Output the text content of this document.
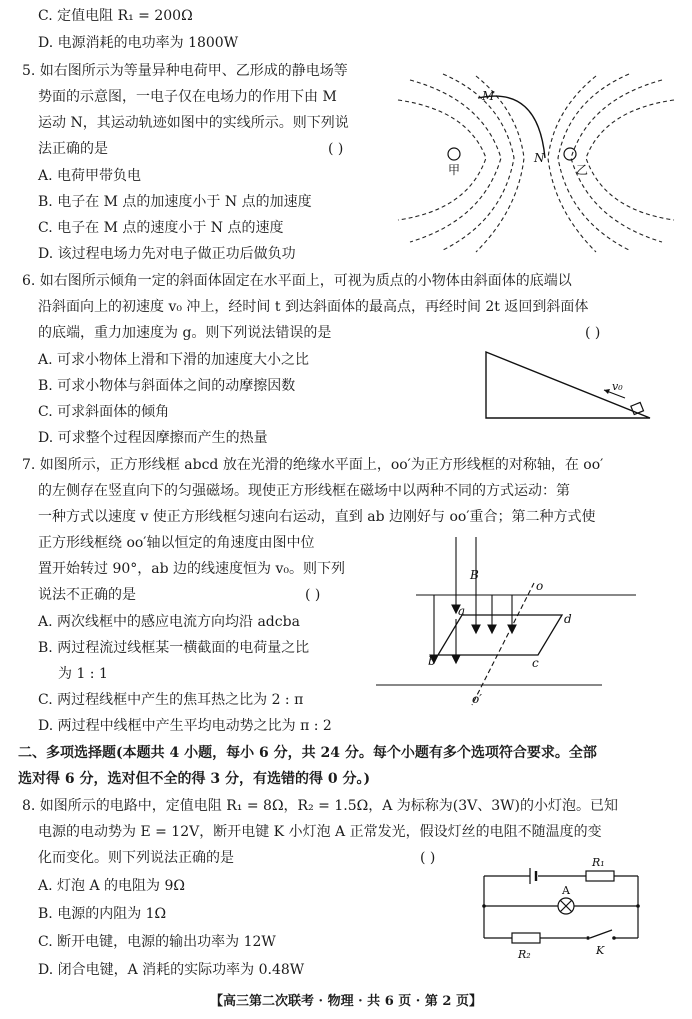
C. 定值电阻 R₁ = 200Ω
D. 电源消耗的电功率为 1800W
5. 如右图所示为等量异种电荷甲、乙形成的静电场等
势面的示意图，一电子仅在电场力的作用下由 M
运动 N，其运动轨迹如图中的实线所示。则下列说
法正确的是	( )
A. 电荷甲带负电
B. 电子在 M 点的加速度小于 N 点的加速度
C. 电子在 M 点的速度小于 N 点的速度
D. 该过程电场力先对电子做正功后做负功
M
N
甲	乙
6. 如右图所示倾角一定的斜面体固定在水平面上，可视为质点的小物体由斜面体的底端以
沿斜面向上的初速度 v₀ 冲上，经时间 t 到达斜面体的最高点，再经时间 2t 返回到斜面体
的底端，重力加速度为 g。则下列说法错误的是	( )
A. 可求小物体上滑和下滑的加速度大小之比
B. 可求小物体与斜面体之间的动摩擦因数
C. 可求斜面体的倾角
D. 可求整个过程因摩擦而产生的热量
v₀
7. 如图所示，正方形线框 abcd 放在光滑的绝缘水平面上，oo′为正方形线框的对称轴，在 oo′
的左侧存在竖直向下的匀强磁场。现使正方形线框在磁场中以两种不同的方式运动：第
一种方式以速度 v 使正方形线框匀速向右运动，直到 ab 边刚好与 oo′重合；第二种方式使
正方形线框绕 oo′轴以恒定的角速度由图中位
置开始转过 90°，ab 边的线速度恒为 v₀。则下列
说法不正确的是	( )
A. 两次线框中的感应电流方向均沿 adcba
B. 两过程流过线框某一横截面的电荷量之比
为 1 : 1
C. 两过程线框中产生的焦耳热之比为 2 : π
D. 两过程中线框中产生平均电动势之比为 π : 2
B
o
o′
a
b	c
d
二、多项选择题(本题共 4 小题，每小 6 分，共 24 分。每个小题有多个选项符合要求。全部
选对得 6 分，选对但不全的得 3 分，有选错的得 0 分。)
8. 如图所示的电路中，定值电阻 R₁ = 8Ω，R₂ = 1.5Ω，A 为标称为(3V、3W)的小灯泡。已知
电源的电动势为 E = 12V，断开电键 K 小灯泡 A 正常发光，假设灯丝的电阻不随温度的变
化而变化。则下列说法正确的是	( )
A. 灯泡 A 的电阻为 9Ω
B. 电源的内阻为 1Ω
C. 断开电键，电源的输出功率为 12W
D. 闭合电键，A 消耗的实际功率为 0.48W
R₁
A
R₂	K
【高三第二次联考 · 物理 · 共 6 页 · 第 2 页】
